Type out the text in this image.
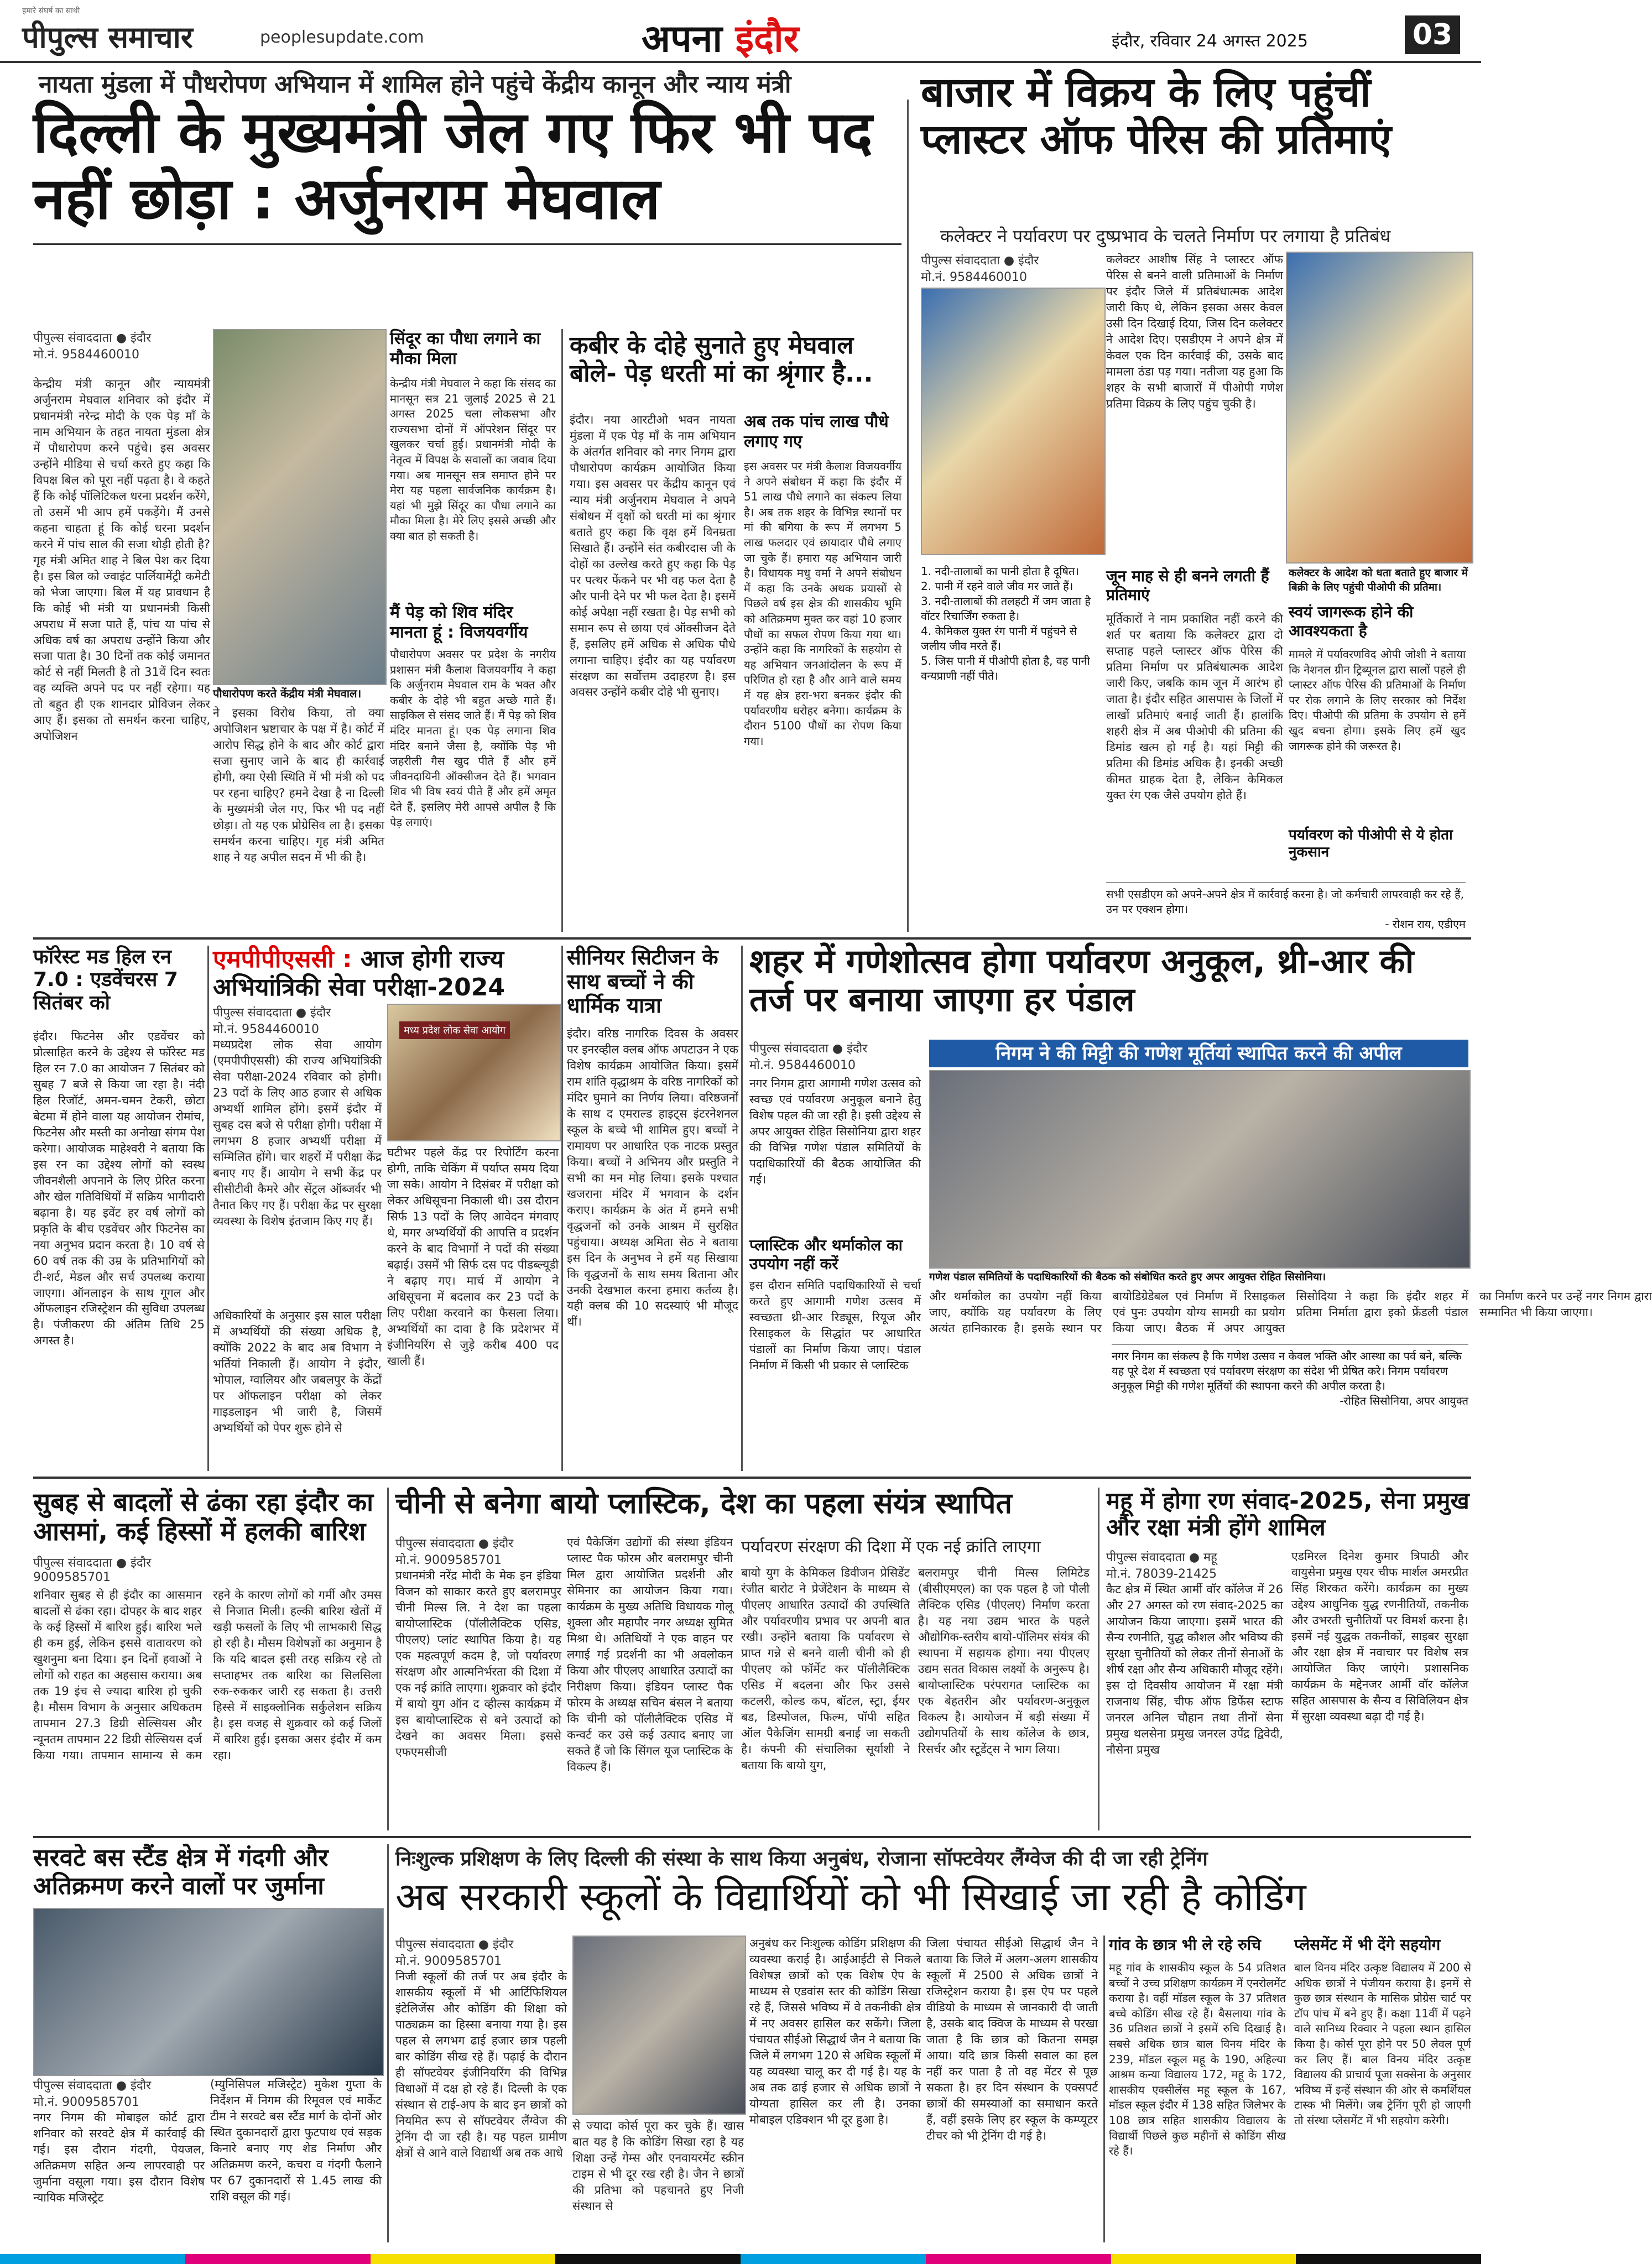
हमारे संघर्ष का साथी
पीपुल्स समाचार	peoplesupdate.com	अपना इंदौर	इंदौर, रविवार 24 अगस्त 2025	03
नायता मुंडला में पौधरोपण अभियान में शामिल होने पहुंचे केंद्रीय कानून और न्याय मंत्री
दिल्ली के मुख्यमंत्री जेल गए फिर भी पद नहीं छोड़ा : अर्जुनराम मेघवाल
पीपुल्स संवाददाता ● इंदौर
मो.नं. 9584460010
केन्द्रीय मंत्री कानून और न्यायमंत्री अर्जुनराम मेघवाल शनिवार को इंदौर में प्रधानमंत्री नरेन्द्र मोदी के एक पेड़ माँ के नाम अभियान के तहत नायता मुंडला क्षेत्र में पौधारोपण करने पहुंचे। इस अवसर उन्होंने मीडिया से चर्चा करते हुए कहा कि विपक्ष बिल को पूरा नहीं पढ़ता है। वे कहते हैं कि कोई पॉलिटिकल धरना प्रदर्शन करेंगे, तो उसमें भी आप हमें पकड़ेंगे। मैं उनसे कहना चाहता हूं कि कोई धरना प्रदर्शन करने में पांच साल की सजा थोड़ी होती है? गृह मंत्री अमित शाह ने बिल पेश कर दिया है। इस बिल को ज्वाइंट पार्लियामेंट्री कमेटी को भेजा जाएगा। बिल में यह प्रावधान है कि कोई भी मंत्री या प्रधानमंत्री किसी अपराध में सजा पाते हैं, पांच या पांच से अधिक वर्ष का अपराध उन्होंने किया और सजा पाता है। 30 दिनों तक कोई जमानत कोर्ट से नहीं मिलती है तो 31वें दिन स्वतः वह व्यक्ति अपने पद पर नहीं रहेगा। यह तो बहुत ही एक शानदार प्रोविजन लेकर आए हैं। इसका तो समर्थन करना चाहिए, अपोजिशन
पौधारोपण करते केंद्रीय मंत्री मेघवाल।
ने इसका विरोध किया, तो क्या अपोजिशन भ्रष्टाचार के पक्ष में है। कोर्ट में आरोप सिद्ध होने के बाद और कोर्ट द्वारा सजा सुनाए जाने के बाद ही कार्रवाई होगी, क्या ऐसी स्थिति में भी मंत्री को पद पर रहना चाहिए? हमने देखा है ना दिल्ली के मुख्यमंत्री जेल गए, फिर भी पद नहीं छोड़ा। तो यह एक प्रोग्रेसिव ला है। इसका समर्थन करना चाहिए। गृह मंत्री अमित शाह ने यह अपील सदन में भी की है।
सिंदूर का पौधा लगाने का मौका मिला
केन्द्रीय मंत्री मेघवाल ने कहा कि संसद का मानसून सत्र 21 जुलाई 2025 से 21 अगस्त 2025 चला लोकसभा और राज्यसभा दोनों में ऑपरेशन सिंदूर पर खुलकर चर्चा हुई। प्रधानमंत्री मोदी के नेतृत्व में विपक्ष के सवालों का जवाब दिया गया। अब मानसून सत्र समाप्त होने पर मेरा यह पहला सार्वजनिक कार्यक्रम है। यहां भी मुझे सिंदूर का पौधा लगाने का मौका मिला है। मेरे लिए इससे अच्छी और क्या बात हो सकती है।
मैं पेड़ को शिव मंदिर मानता हूं : विजयवर्गीय
पौधारोपण अवसर पर प्रदेश के नगरीय प्रशासन मंत्री कैलाश विजयवर्गीय ने कहा कि अर्जुनराम मेघवाल राम के भक्त और कबीर के दोहे भी बहुत अच्छे गाते हैं। साइकिल से संसद जाते हैं। मैं पेड़ को शिव मंदिर मानता हूं। एक पेड़ लगाना शिव मंदिर बनाने जैसा है, क्योंकि पेड़ भी जहरीली गैस खुद पीते हैं और हमें जीवनदायिनी ऑक्सीजन देते हैं। भगवान शिव भी विष स्वयं पीते हैं और हमें अमृत देते हैं, इसलिए मेरी आपसे अपील है कि पेड़ लगाएं।
कबीर के दोहे सुनाते हुए मेघवाल बोले- पेड़ धरती मां का श्रृंगार है...
इंदौर। नया आरटीओ भवन नायता मुंडला में एक पेड़ माँ के नाम अभियान के अंतर्गत शनिवार को नगर निगम द्वारा पौधारोपण कार्यक्रम आयोजित किया गया। इस अवसर पर केंद्रीय कानून एवं न्याय मंत्री अर्जुनराम मेघवाल ने अपने संबोधन में वृक्षों को धरती मां का श्रृंगार बताते हुए कहा कि वृक्ष हमें विनम्रता सिखाते हैं। उन्होंने संत कबीरदास जी के दोहों का उल्लेख करते हुए कहा कि पेड़ पर पत्थर फेंकने पर भी वह फल देता है और पानी देने पर भी फल देता है। इसमें कोई अपेक्षा नहीं रखता है। पेड़ सभी को समान रूप से छाया एवं ऑक्सीजन देते हैं, इसलिए हमें अधिक से अधिक पौधे लगाना चाहिए। इंदौर का यह पर्यावरण संरक्षण का सर्वोत्तम उदाहरण है। इस अवसर उन्होंने कबीर दोहे भी सुनाए।
अब तक पांच लाख पौधे लगाए गए
इस अवसर पर मंत्री कैलाश विजयवर्गीय ने अपने संबोधन में कहा कि इंदौर में 51 लाख पौधे लगाने का संकल्प लिया है। अब तक शहर के विभिन्न स्थानों पर मां की बगिया के रूप में लगभग 5 लाख फलदार एवं छायादार पौधे लगाए जा चुके हैं। हमारा यह अभियान जारी है। विधायक मधु वर्मा ने अपने संबोधन में कहा कि उनके अथक प्रयासों से पिछले वर्ष इस क्षेत्र की शासकीय भूमि को अतिक्रमण मुक्त कर वहां 10 हजार पौधों का सफल रोपण किया गया था। उन्होंने कहा कि नागरिकों के सहयोग से यह अभियान जनआंदोलन के रूप में परिणित हो रहा है और आने वाले समय में यह क्षेत्र हरा-भरा बनकर इंदौर की पर्यावरणीय धरोहर बनेगा। कार्यक्रम के दौरान 5100 पौधों का रोपण किया गया।
बाजार में विक्रय के लिए पहुंचीं प्लास्टर ऑफ पेरिस की प्रतिमाएं
कलेक्टर ने पर्यावरण पर दुष्प्रभाव के चलते निर्माण पर लगाया है प्रतिबंध
पीपुल्स संवाददाता ● इंदौर
मो.नं. 9584460010
कलेक्टर आशीष सिंह ने प्लास्टर ऑफ पेरिस से बनने वाली प्रतिमाओं के निर्माण पर इंदौर जिले में प्रतिबंधात्मक आदेश जारी किए थे, लेकिन इसका असर केवल उसी दिन दिखाई दिया, जिस दिन कलेक्टर ने आदेश दिए। एसडीएम ने अपने क्षेत्र में केवल एक दिन कार्रवाई की, उसके बाद मामला ठंडा पड़ गया। नतीजा यह हुआ कि शहर के सभी बाजारों में पीओपी गणेश प्रतिमा विक्रय के लिए पहुंच चुकी है।
जून माह से ही बनने लगती हैं प्रतिमाएं
मूर्तिकारों ने नाम प्रकाशित नहीं करने की शर्त पर बताया कि कलेक्टर द्वारा दो सप्ताह पहले प्लास्टर ऑफ पेरिस की प्रतिमा निर्माण पर प्रतिबंधात्मक आदेश जारी किए, जबकि काम जून में आरंभ हो जाता है। इंदौर सहित आसपास के जिलों में लाखों प्रतिमाएं बनाई जाती हैं। हालांकि शहरी क्षेत्र में अब पीओपी की प्रतिमा की डिमांड खत्म हो गई है। यहां मिट्टी की प्रतिमा की डिमांड अधिक है। इनकी अच्छी कीमत ग्राहक देता है, लेकिन केमिकल युक्त रंग एक जैसे उपयोग होते हैं।
कलेक्टर के आदेश को धता बताते हुए बाजार में बिक्री के लिए पहुंची पीओपी की प्रतिमा।
स्वयं जागरूक होने की आवश्यकता है
मामले में पर्यावरणविद ओपी जोशी ने बताया कि नेशनल ग्रीन ट्रिब्यूनल द्वारा सालों पहले ही प्लास्टर ऑफ पेरिस की प्रतिमाओं के निर्माण पर रोक लगाने के लिए सरकार को निर्देश दिए। पीओपी की प्रतिमा के उपयोग से हमें खुद बचना होगा। इसके लिए हमें खुद जागरूक होने की जरूरत है।
पर्यावरण को पीओपी से ये होता नुकसान
सभी एसडीएम को अपने-अपने क्षेत्र में कार्रवाई करना है। जो कर्मचारी लापरवाही कर रहे हैं, उन पर एक्शन होगा।
- रोशन राय, एडीएम
1. नदी-तालाबों का पानी होता है दूषित।
2. पानी में रहने वाले जीव मर जाते हैं।
3. नदी-तालाबों की तलहटी में जम जाता है वॉटर रिचार्जिंग रुकता है।
4. केमिकल युक्त रंग पानी में पहुंचने से जलीय जीव मरते हैं।
5. जिस पानी में पीओपी होता है, वह पानी वन्यप्राणी नहीं पीते।
फॉरेस्ट मड हिल रन 7.0 : एडवेंचरस 7 सितंबर को
इंदौर। फिटनेस और एडवेंचर को प्रोत्साहित करने के उद्देश्य से फॉरेस्ट मड हिल रन 7.0 का आयोजन 7 सितंबर को सुबह 7 बजे से किया जा रहा है। नंदी हिल रिजॉर्ट, अमन-चमन टेकरी, छोटा बेटमा में होने वाला यह आयोजन रोमांच, फिटनेस और मस्ती का अनोखा संगम पेश करेगा। आयोजक माहेश्वरी ने बताया कि इस रन का उद्देश्य लोगों को स्वस्थ जीवनशैली अपनाने के लिए प्रेरित करना और खेल गतिविधियों में सक्रिय भागीदारी बढ़ाना है। यह इवेंट हर वर्ष लोगों को प्रकृति के बीच एडवेंचर और फिटनेस का नया अनुभव प्रदान करता है। 10 वर्ष से 60 वर्ष तक की उम्र के प्रतिभागियों को टी-शर्ट, मेडल और सर्च उपलब्ध कराया जाएगा। ऑनलाइन के साथ गूगल और ऑफलाइन रजिस्ट्रेशन की सुविधा उपलब्ध है। पंजीकरण की अंतिम तिथि 25 अगस्त है।
एमपीपीएससी : आज होगी राज्य अभियांत्रिकी सेवा परीक्षा-2024
पीपुल्स संवाददाता ● इंदौर
मो.नं. 9584460010
मध्यप्रदेश लोक सेवा आयोग (एमपीपीएससी) की राज्य अभियांत्रिकी सेवा परीक्षा-2024 रविवार को होगी। 23 पदों के लिए आठ हजार से अधिक अभ्यर्थी शामिल होंगे। इसमें इंदौर में सुबह दस बजे से परीक्षा होगी। परीक्षा में लगभग 8 हजार अभ्यर्थी परीक्षा में सम्मिलित होंगे। चार शहरों में परीक्षा केंद्र बनाए गए हैं। आयोग ने सभी केंद्र पर सीसीटीवी कैमरे और सेंट्रल ऑब्जर्वर भी तैनात किए गए हैं। परीक्षा केंद्र पर सुरक्षा व्यवस्था के विशेष इंतजाम किए गए हैं।
अधिकारियों के अनुसार इस साल परीक्षा में अभ्यर्थियों की संख्या अधिक है, क्योंकि 2022 के बाद अब विभाग ने भर्तियां निकाली हैं। आयोग ने इंदौर, भोपाल, ग्वालियर और जबलपुर के केंद्रों पर ऑफलाइन परीक्षा को लेकर गाइडलाइन भी जारी है, जिसमें अभ्यर्थियों को पेपर शुरू होने से
मध्य प्रदेश लोक सेवा आयोग
घटीभर पहले केंद्र पर रिपोर्टिंग करना होगी, ताकि चेकिंग में पर्याप्त समय दिया जा सके। आयोग ने दिसंबर में परीक्षा को लेकर अधिसूचना निकाली थी। उस दौरान सिर्फ 13 पदों के लिए आवेदन मंगवाए थे, मगर अभ्यर्थियों की आपत्ति व प्रदर्शन करने के बाद विभागों ने पदों की संख्या बढ़ाई। उसमें भी सिर्फ दस पद पीडब्ल्यूडी ने बढ़ाए गए। मार्च में आयोग ने अधिसूचना में बदलाव कर 23 पदों के लिए परीक्षा करवाने का फैसला लिया। अभ्यर्थियों का दावा है कि प्रदेशभर में इंजीनियरिंग से जुड़े करीब 400 पद खाली हैं।
सीनियर सिटीजन के साथ बच्चों ने की धार्मिक यात्रा
इंदौर। वरिष्ठ नागरिक दिवस के अवसर पर इनरव्हील क्लब ऑफ अपटाउन ने एक विशेष कार्यक्रम आयोजित किया। इसमें राम शांति वृद्धाश्रम के वरिष्ठ नागरिकों को मंदिर घुमाने का निर्णय लिया। वरिष्ठजनों के साथ द एमराल्ड हाइट्स इंटरनेशनल स्कूल के बच्चे भी शामिल हुए। बच्चों ने रामायण पर आधारित एक नाटक प्रस्तुत किया। बच्चों ने अभिनय और प्रस्तुति ने सभी का मन मोह लिया। इसके पश्चात खजराना मंदिर में भगवान के दर्शन कराए। कार्यक्रम के अंत में हमने सभी वृद्धजनों को उनके आश्रम में सुरक्षित पहुंचाया। अध्यक्ष अमिता सेठ ने बताया इस दिन के अनुभव ने हमें यह सिखाया कि वृद्धजनों के साथ समय बिताना और उनकी देखभाल करना हमारा कर्तव्य है। यही क्लब की 10 सदस्याएं भी मौजूद थीं।
शहर में गणेशोत्सव होगा पर्यावरण अनुकूल, थ्री-आर की तर्ज पर बनाया जाएगा हर पंडाल
निगम ने की मिट्टी की गणेश मूर्तियां स्थापित करने की अपील
पीपुल्स संवाददाता ● इंदौर
मो.नं. 9584460010
नगर निगम द्वारा आगामी गणेश उत्सव को स्वच्छ एवं पर्यावरण अनुकूल बनाने हेतु विशेष पहल की जा रही है। इसी उद्देश्य से अपर आयुक्त रोहित सिसोनिया द्वारा शहर की विभिन्न गणेश पंडाल समितियों के पदाधिकारियों की बैठक आयोजित की गई।
प्लास्टिक और थर्माकोल का उपयोग नहीं करें
इस दौरान समिति पदाधिकारियों से चर्चा करते हुए आगामी गणेश उत्सव में स्वच्छता थ्री-आर रिड्यूस, रियूज और रिसाइकल के सिद्धांत पर आधारित पंडालों का निर्माण किया जाए। पंडाल निर्माण में किसी भी प्रकार से प्लास्टिक
गणेश पंडाल समितियों के पदाधिकारियों की बैठक को संबोधित करते हुए अपर आयुक्त रोहित सिसोनिया।
और थर्माकोल का उपयोग नहीं किया जाए, क्योंकि यह पर्यावरण के लिए अत्यंत हानिकारक है। इसके स्थान पर बायोडिग्रेडेबल एवं निर्माण में रिसाइकल एवं पुनः उपयोग योग्य सामग्री का प्रयोग किया जाए। बैठक में अपर आयुक्त सिसोदिया ने कहा कि इंदौर शहर में प्रतिमा निर्माता द्वारा इको फ्रेंडली पंडाल का निर्माण करने पर उन्हें नगर निगम द्वारा सम्मानित भी किया जाएगा।
नगर निगम का संकल्प है कि गणेश उत्सव न केवल भक्ति और आस्था का पर्व बने, बल्कि यह पूरे देश में स्वच्छता एवं पर्यावरण संरक्षण का संदेश भी प्रेषित करे। निगम पर्यावरण अनुकूल मिट्टी की गणेश मूर्तियों की स्थापना करने की अपील करता है।
-रोहित सिसोनिया, अपर आयुक्त
सुबह से बादलों से ढंका रहा इंदौर का आसमां, कई हिस्सों में हलकी बारिश
पीपुल्स संवाददाता ● इंदौर
9009585701
शनिवार सुबह से ही इंदौर का आसमान बादलों से ढंका रहा। दोपहर के बाद शहर के कई हिस्सों में बारिश हुई। बारिश भले ही कम हुई, लेकिन इससे वातावरण को खुशनुमा बना दिया। इन दिनों हवाओं ने लोगों को राहत का अहसास कराया। अब तक 19 इंच से ज्यादा बारिश हो चुकी है। मौसम विभाग के अनुसार अधिकतम तापमान 27.3 डिग्री सेल्सियस और न्यूनतम तापमान 22 डिग्री सेल्सियस दर्ज किया गया। तापमान सामान्य से कम रहने के कारण लोगों को गर्मी और उमस से निजात मिली। हल्की बारिश खेतों में खड़ी फसलों के लिए भी लाभकारी सिद्ध हो रही है। मौसम विशेषज्ञों का अनुमान है कि यदि बादल इसी तरह सक्रिय रहे तो सप्ताहभर तक बारिश का सिलसिला रुक-रुककर जारी रह सकता है। उत्तरी हिस्से में साइक्लोनिक सर्कुलेशन सक्रिय है। इस वजह से शुक्रवार को कई जिलों में बारिश हुई। इसका असर इंदौर में कम रहा।
चीनी से बनेगा बायो प्लास्टिक, देश का पहला संयंत्र स्थापित
पर्यावरण संरक्षण की दिशा में एक नई क्रांति लाएगा
पीपुल्स संवाददाता ● इंदौर
मो.नं. 9009585701
प्रधानमंत्री नरेंद्र मोदी के मेक इन इंडिया विजन को साकार करते हुए बलरामपुर चीनी मिल्स लि. ने देश का पहला बायोप्लास्टिक (पॉलीलैक्टिक एसिड, पीएलए) प्लांट स्थापित किया है। यह एक महत्वपूर्ण कदम है, जो पर्यावरण संरक्षण और आत्मनिर्भरता की दिशा में एक नई क्रांति लाएगा। शुक्रवार को इंदौर में बायो युग ऑन द व्हील्स कार्यक्रम में इस बायोप्लास्टिक से बने उत्पादों को देखने का अवसर मिला। इससे एफएमसीजी
एवं पैकेजिंग उद्योगों की संस्था इंडियन प्लास्ट पैक फोरम और बलरामपुर चीनी मिल द्वारा आयोजित प्रदर्शनी और सेमिनार का आयोजन किया गया। कार्यक्रम के मुख्य अतिथि विधायक गोलू शुक्ला और महापौर नगर अध्यक्ष सुमित मिश्रा थे। अतिथियों ने एक वाहन पर लगाई गई प्रदर्शनी का भी अवलोकन किया और पीएलए आधारित उत्पादों का निरीक्षण किया। इंडियन प्लास्ट पैक फोरम के अध्यक्ष सचिन बंसल ने बताया कि चीनी को पॉलीलैक्टिक एसिड में कन्वर्ट कर उसे कई उत्पाद बनाए जा सकते हैं जो कि सिंगल यूज प्लास्टिक के विकल्प हैं।
बायो युग के केमिकल डिवीजन प्रेसिडेंट रंजीत बारोट ने प्रेजेंटेशन के माध्यम से पीएलए आधारित उत्पादों की उपस्थिति और पर्यावरणीय प्रभाव पर अपनी बात रखी। उन्होंने बताया कि पर्यावरण से प्राप्त गन्ने से बनने वाली चीनी को ही पीएलए को फॉर्मेट कर पॉलीलैक्टिक एसिड में बदलना और फिर उससे कटलरी, कोल्ड कप, बॉटल, स्ट्रा, ईयर बड, डिस्पोजल, फिल्म, पॉपी सहित ऑल पैकेजिंग सामग्री बनाई जा सकती है। कंपनी की संचालिका सूर्याशी ने बताया कि बायो युग,
बलरामपुर चीनी मिल्स लिमिटेड (बीसीएमएल) का एक पहल है जो पौली लैक्टिक एसिड (पीएलए) निर्माण करता है। यह नया उद्यम भारत के पहले औद्योगिक-स्तरीय बायो-पॉलिमर संयंत्र की स्थापना में सहायक होगा। नया पीएलए उद्यम सतत विकास लक्ष्यों के अनुरूप है। बायोप्लास्टिक परंपरागत प्लास्टिक का एक बेहतरीन और पर्यावरण-अनुकूल विकल्प है। आयोजन में बड़ी संख्या में उद्योगपतियों के साथ कॉलेज के छात्र, रिसर्चर और स्टूडेंट्स ने भाग लिया।
महू में होगा रण संवाद-2025, सेना प्रमुख और रक्षा मंत्री होंगे शामिल
पीपुल्स संवाददाता ● महू
मो.नं. 78039-21425
कैट क्षेत्र में स्थित आर्मी वॉर कॉलेज में 26 और 27 अगस्त को रण संवाद-2025 का आयोजन किया जाएगा। इसमें भारत की सैन्य रणनीति, युद्ध कौशल और भविष्य की सुरक्षा चुनौतियों को लेकर तीनों सेनाओं के शीर्ष रक्षा और सैन्य अधिकारी मौजूद रहेंगे। इस दो दिवसीय आयोजन में रक्षा मंत्री राजनाथ सिंह, चीफ ऑफ डिफेंस स्टाफ जनरल अनिल चौहान तथा तीनों सेना प्रमुख थलसेना प्रमुख जनरल उपेंद्र द्विवेदी, नौसेना प्रमुख
एडमिरल दिनेश कुमार त्रिपाठी और वायुसेना प्रमुख एयर चीफ मार्शल अमरप्रीत सिंह शिरकत करेंगे। कार्यक्रम का मुख्य उद्देश्य आधुनिक युद्ध रणनीतियों, तकनीक और उभरती चुनौतियों पर विमर्श करना है। इसमें नई युद्धक तकनीकों, साइबर सुरक्षा और रक्षा क्षेत्र में नवाचार पर विशेष सत्र आयोजित किए जाएंगे। प्रशासनिक कार्यक्रम के मद्देनजर आर्मी वॉर कॉलेज सहित आसपास के सैन्य व सिविलियन क्षेत्र में सुरक्षा व्यवस्था बढ़ा दी गई है।
सरवटे बस स्टैंड क्षेत्र में गंदगी और अतिक्रमण करने वालों पर जुर्माना
पीपुल्स संवाददाता ● इंदौर
मो.नं. 9009585701
नगर निगम की मोबाइल कोर्ट द्वारा शनिवार को सरवटे क्षेत्र में कार्रवाई की गई। इस दौरान गंदगी, पेयजल, अतिक्रमण सहित अन्य लापरवाही पर जुर्माना वसूला गया। इस दौरान विशेष न्यायिक मजिस्ट्रेट
(म्युनिसिपल मजिस्ट्रेट) मुकेश गुप्ता के निर्देशन में निगम की रिमूवल एवं मार्केट टीम ने सरवटे बस स्टैंड मार्ग के दोनों ओर स्थित दुकानदारों द्वारा फुटपाथ एवं सड़क किनारे बनाए गए शेड निर्माण और अतिक्रमण करने, कचरा व गंदगी फैलाने पर 67 दुकानदारों से 1.45 लाख की राशि वसूल की गई।
निःशुल्क प्रशिक्षण के लिए दिल्ली की संस्था के साथ किया अनुबंध, रोजाना सॉफ्टवेयर लैंग्वेज की दी जा रही ट्रेनिंग
अब सरकारी स्कूलों के विद्यार्थियों को भी सिखाई जा रही है कोडिंग
पीपुल्स संवाददाता ● इंदौर
मो.नं. 9009585701
निजी स्कूलों की तर्ज पर अब इंदौर के शासकीय स्कूलों में भी आर्टिफिशियल इंटेलिजेंस और कोडिंग की शिक्षा को पाठ्यक्रम का हिस्सा बनाया गया है। इस पहल से लगभग ढाई हजार छात्र पहली बार कोडिंग सीख रहे हैं। पढ़ाई के दौरान ही सॉफ्टवेयर इंजीनियरिंग की विभिन्न विधाओं में दक्ष हो रहे हैं। दिल्ली के एक संस्थान से टाई-अप के बाद इन छात्रों को नियमित रूप से सॉफ्टवेयर लैंग्वेज की ट्रेनिंग दी जा रही है। यह पहल ग्रामीण क्षेत्रों से आने वाले विद्यार्थी अब तक आधे
से ज्यादा कोर्स पूरा कर चुके हैं। खास बात यह है कि कोडिंग सिखा रहा है यह शिक्षा उन्हें गेम्स और एनवायरमेंट स्क्रीन टाइम से भी दूर रख रही है। जैन ने छात्रों की प्रतिभा को पहचानते हुए निजी संस्थान से
अनुबंध कर निःशुल्क कोडिंग प्रशिक्षण की व्यवस्था कराई है। आईआईटी से निकले विशेषज्ञ छात्रों को एक विशेष ऐप के माध्यम से एडवांस स्तर की कोडिंग सिखा रहे हैं, जिससे भविष्य में वे तकनीकी क्षेत्र में नए अवसर हासिल कर सकेंगे। जिला पंचायत सीईओ सिद्धार्थ जैन ने बताया कि जिले में लगभग 120 से अधिक स्कूलों में यह व्यवस्था चालू कर दी गई है। यह के अब तक ढाई हजार से अधिक छात्रों ने योग्यता हासिल कर ली है। उनका मोबाइल एडिक्शन भी दूर हुआ है।
जिला पंचायत सीईओ सिद्धार्थ जैन ने बताया कि जिले में अलग-अलग शासकीय स्कूलों में 2500 से अधिक छात्रों ने रजिस्ट्रेशन कराया है। इस ऐप पर पहले वीडियो के माध्यम से जानकारी दी जाती है, उसके बाद क्विज के माध्यम से परखा जाता है कि छात्र को कितना समझ आया। यदि छात्र किसी सवाल का हल नहीं कर पाता है तो वह मेंटर से पूछ सकता है। हर दिन संस्थान के एक्सपर्ट छात्रों की समस्याओं का समाधान करते हैं, वहीं इसके लिए हर स्कूल के कम्प्यूटर टीचर को भी ट्रेनिंग दी गई है।
गांव के छात्र भी ले रहे रुचि
महू गांव के शासकीय स्कूल के 54 प्रतिशत बच्चों ने उच्च प्रशिक्षण कार्यक्रम में एनरोलमेंट कराया है। वहीं मॉडल स्कूल के 37 प्रतिशत बच्चे कोडिंग सीख रहे हैं। बैसलाया गांव के 36 प्रतिशत छात्रों ने इसमें रुचि दिखाई है। सबसे अधिक छात्र बाल विनय मंदिर के 239, मॉडल स्कूल महू के 190, अहिल्या आश्रम कन्या विद्यालय 172, महू के 172, शासकीय एक्सीलेंस महू स्कूल के 167, मॉडल स्कूल इंदौर में 138 सहित जिलेभर के 108 छात्र सहित शासकीय विद्यालय के विद्यार्थी पिछले कुछ महीनों से कोडिंग सीख रहे हैं।
प्लेसमेंट में भी देंगे सहयोग
बाल विनय मंदिर उत्कृष्ट विद्यालय में 200 से अधिक छात्रों ने पंजीयन कराया है। इनमें से कुछ छात्र संस्थान के मासिक प्रोग्रेस चार्ट पर टॉप पांच में बने हुए हैं। कक्षा 11वीं में पढ़ने वाले सानिध्य रिक्वार ने पहला स्थान हासिल किया है। कोर्स पूरा होने पर 50 लेवल पूर्ण कर लिए हैं। बाल विनय मंदिर उत्कृष्ट विद्यालय की प्राचार्य पूजा सक्सेना के अनुसार भविष्य में इन्हें संस्थान की ओर से कमर्शियल टास्क भी मिलेंगे। जब ट्रेनिंग पूरी हो जाएगी तो संस्था प्लेसमेंट में भी सहयोग करेगी।
